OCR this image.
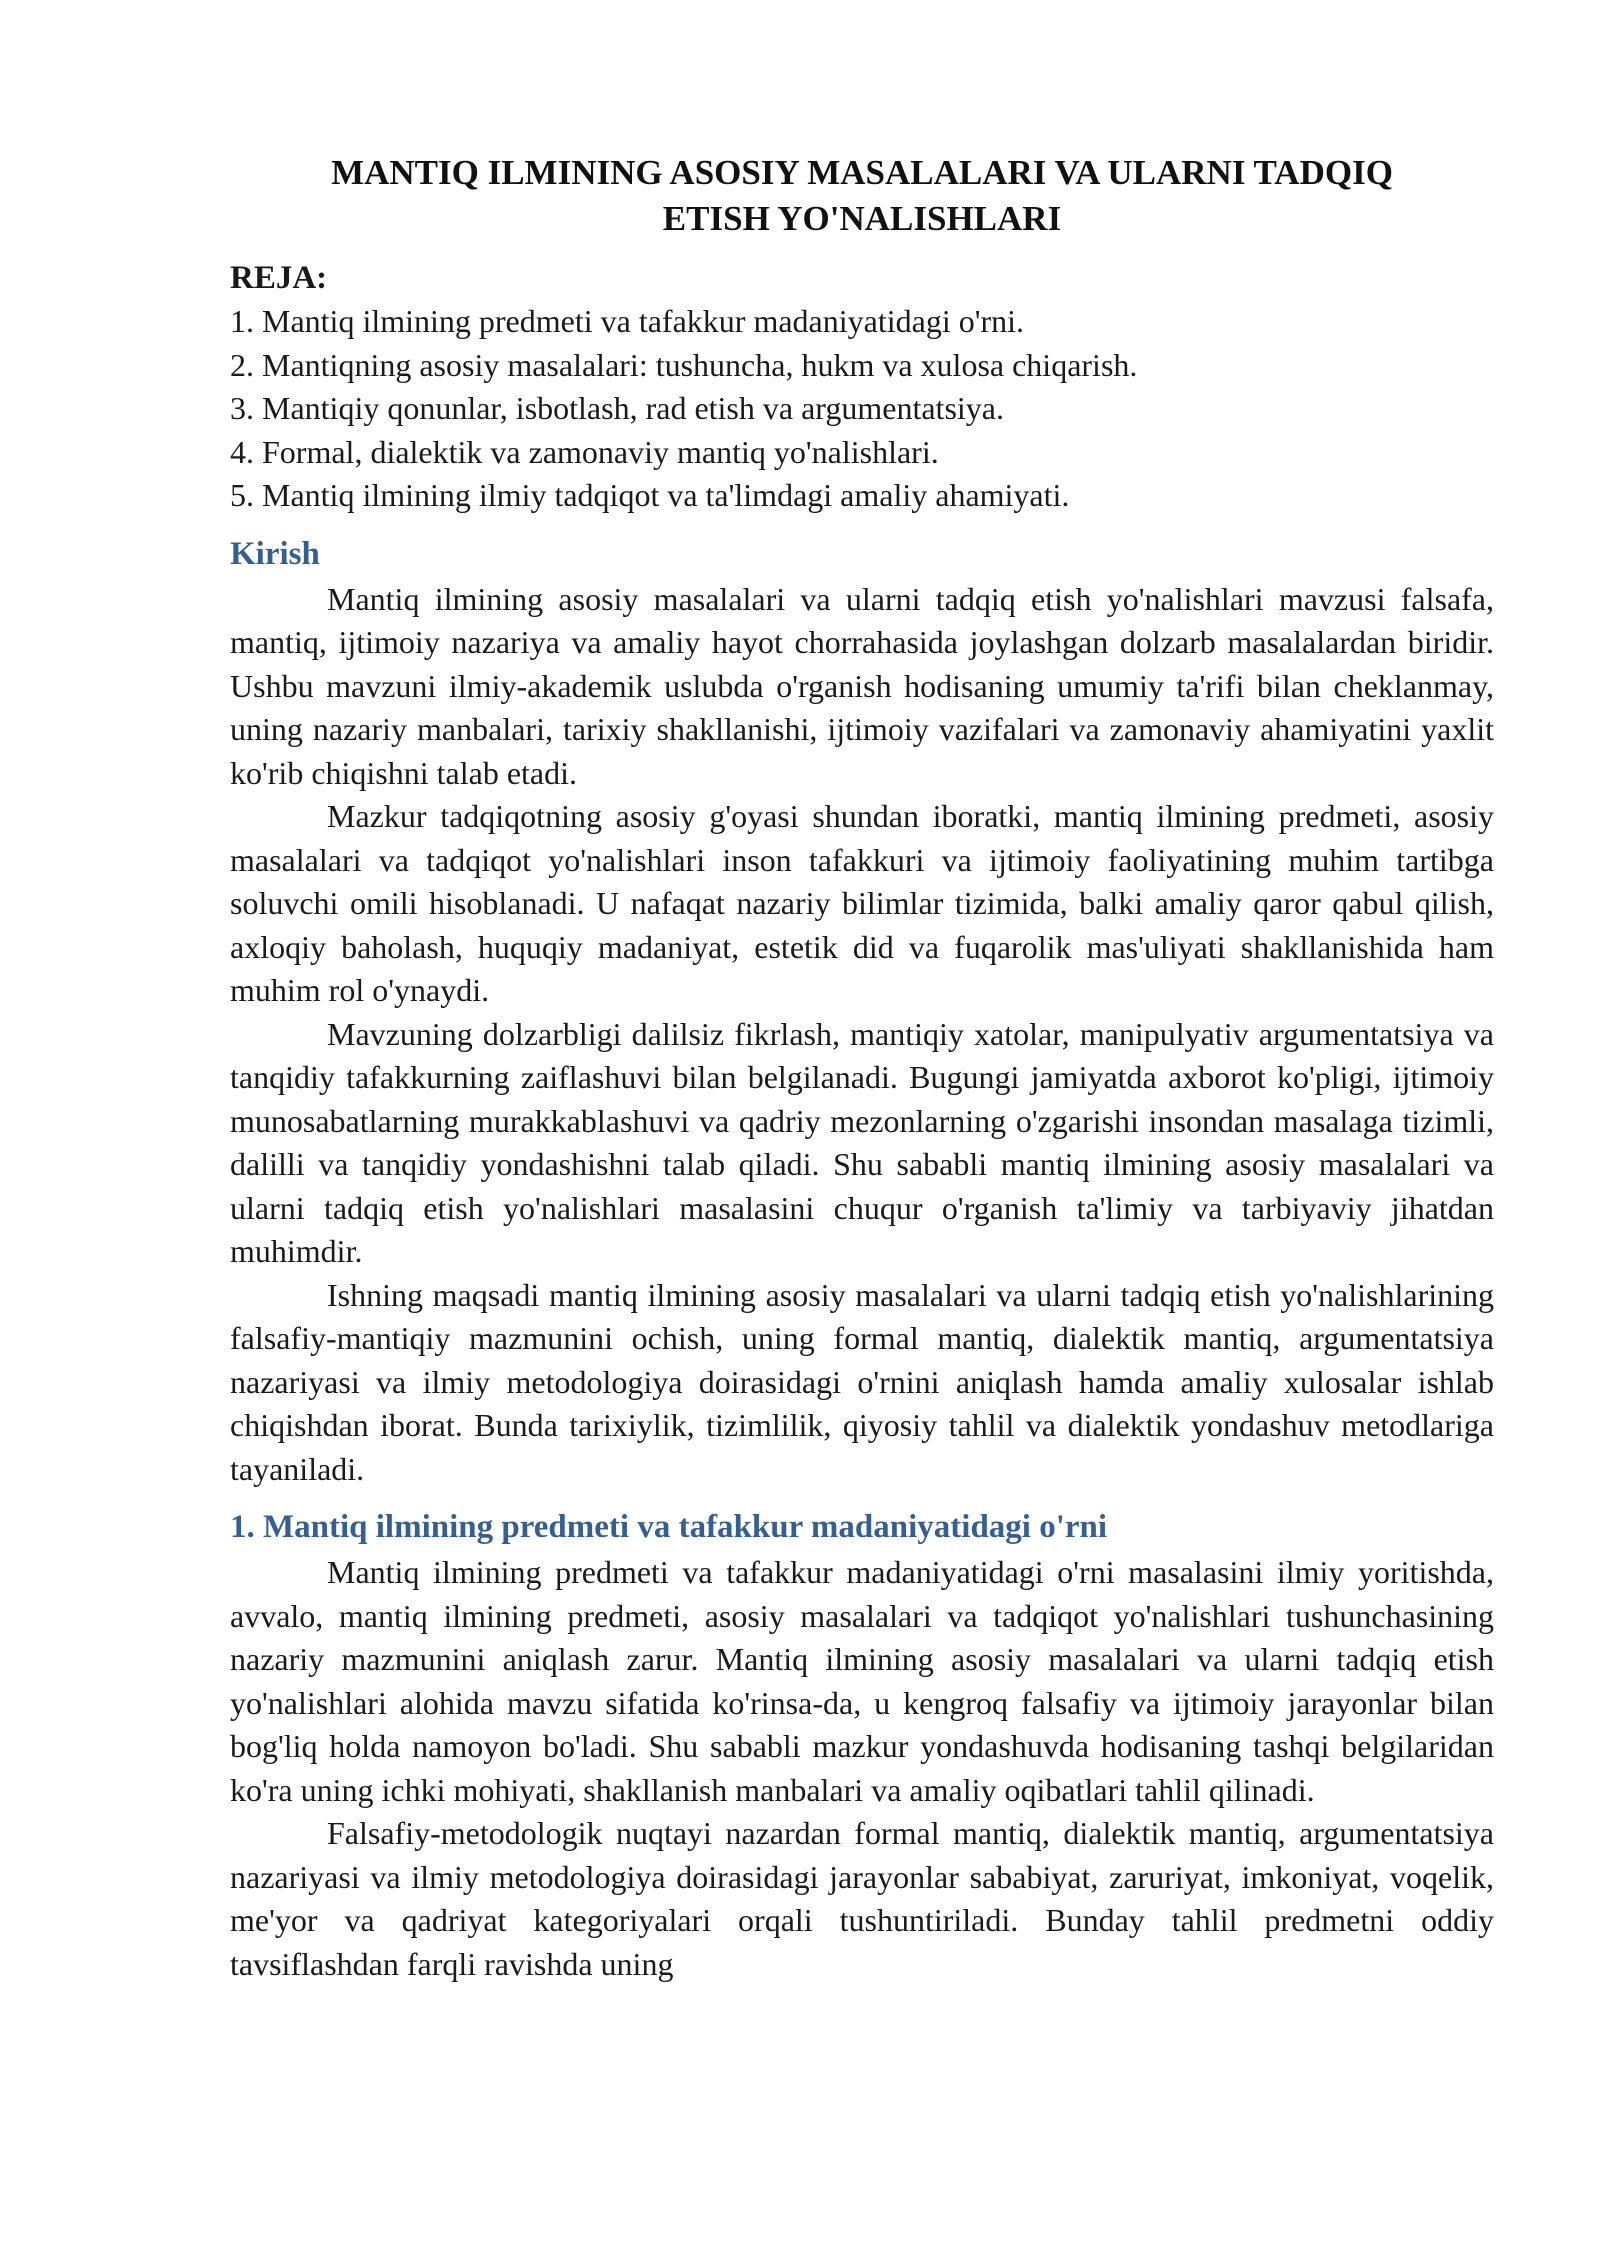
MANTIQ ILMINING ASOSIY MASALALARI VA ULARNI TADQIQ
ETISH YO'NALISHLARI
REJA:
1. Mantiq ilmining predmeti va tafakkur madaniyatidagi o'rni.
2. Mantiqning asosiy masalalari: tushuncha, hukm va xulosa chiqarish.
3. Mantiqiy qonunlar, isbotlash, rad etish va argumentatsiya.
4. Formal, dialektik va zamonaviy mantiq yo'nalishlari.
5. Mantiq ilmining ilmiy tadqiqot va ta'limdagi amaliy ahamiyati.
Kirish

Mantiq ilmining asosiy masalalari va ularni tadqiq etish yo'nalishlari mavzusi falsafa, mantiq, ijtimoiy nazariya va amaliy hayot chorrahasida joylashgan dolzarb masalalardan biridir. Ushbu mavzuni ilmiy-akademik uslubda o'rganish hodisaning umumiy ta'rifi bilan cheklanmay, uning nazariy manbalari, tarixiy shakllanishi, ijtimoiy vazifalari va zamonaviy ahamiyatini yaxlit ko'rib chiqishni talab etadi.

Mazkur tadqiqotning asosiy g'oyasi shundan iboratki, mantiq ilmining predmeti, asosiy masalalari va tadqiqot yo'nalishlari inson tafakkuri va ijtimoiy faoliyatining muhim tartibga soluvchi omili hisoblanadi. U nafaqat nazariy bilimlar tizimida, balki amaliy qaror qabul qilish, axloqiy baholash, huquqiy madaniyat, estetik did va fuqarolik mas'uliyati shakllanishida ham muhim rol o'ynaydi.

Mavzuning dolzarbligi dalilsiz fikrlash, mantiqiy xatolar, manipulyativ argumentatsiya va tanqidiy tafakkurning zaiflashuvi bilan belgilanadi. Bugungi jamiyatda axborot ko'pligi, ijtimoiy munosabatlarning murakkablashuvi va qadriy mezonlarning o'zgarishi insondan masalaga tizimli, dalilli va tanqidiy yondashishni talab qiladi. Shu sababli mantiq ilmining asosiy masalalari va ularni tadqiq etish yo'nalishlari masalasini chuqur o'rganish ta'limiy va tarbiyaviy jihatdan muhimdir.

Ishning maqsadi mantiq ilmining asosiy masalalari va ularni tadqiq etish yo'nalishlarining falsafiy-mantiqiy mazmunini ochish, uning formal mantiq, dialektik mantiq, argumentatsiya nazariyasi va ilmiy metodologiya doirasidagi o'rnini aniqlash hamda amaliy xulosalar ishlab chiqishdan iborat. Bunda tarixiylik, tizimlilik, qiyosiy tahlil va dialektik yondashuv metodlariga tayaniladi.

1. Mantiq ilmining predmeti va tafakkur madaniyatidagi o'rni

Mantiq ilmining predmeti va tafakkur madaniyatidagi o'rni masalasini ilmiy yoritishda, avvalo, mantiq ilmining predmeti, asosiy masalalari va tadqiqot yo'nalishlari tushunchasining nazariy mazmunini aniqlash zarur. Mantiq ilmining asosiy masalalari va ularni tadqiq etish yo'nalishlari alohida mavzu sifatida ko'rinsa-da, u kengroq falsafiy va ijtimoiy jarayonlar bilan bog'liq holda namoyon bo'ladi. Shu sababli mazkur yondashuvda hodisaning tashqi belgilaridan ko'ra uning ichki mohiyati, shakllanish manbalari va amaliy oqibatlari tahlil qilinadi.

Falsafiy-metodologik nuqtayi nazardan formal mantiq, dialektik mantiq, argumentatsiya nazariyasi va ilmiy metodologiya doirasidagi jarayonlar sababiyat, zaruriyat, imkoniyat, voqelik, me'yor va qadriyat kategoriyalari orqali tushuntiriladi. Bunday tahlil predmetni oddiy tavsiflashdan farqli ravishda uning
